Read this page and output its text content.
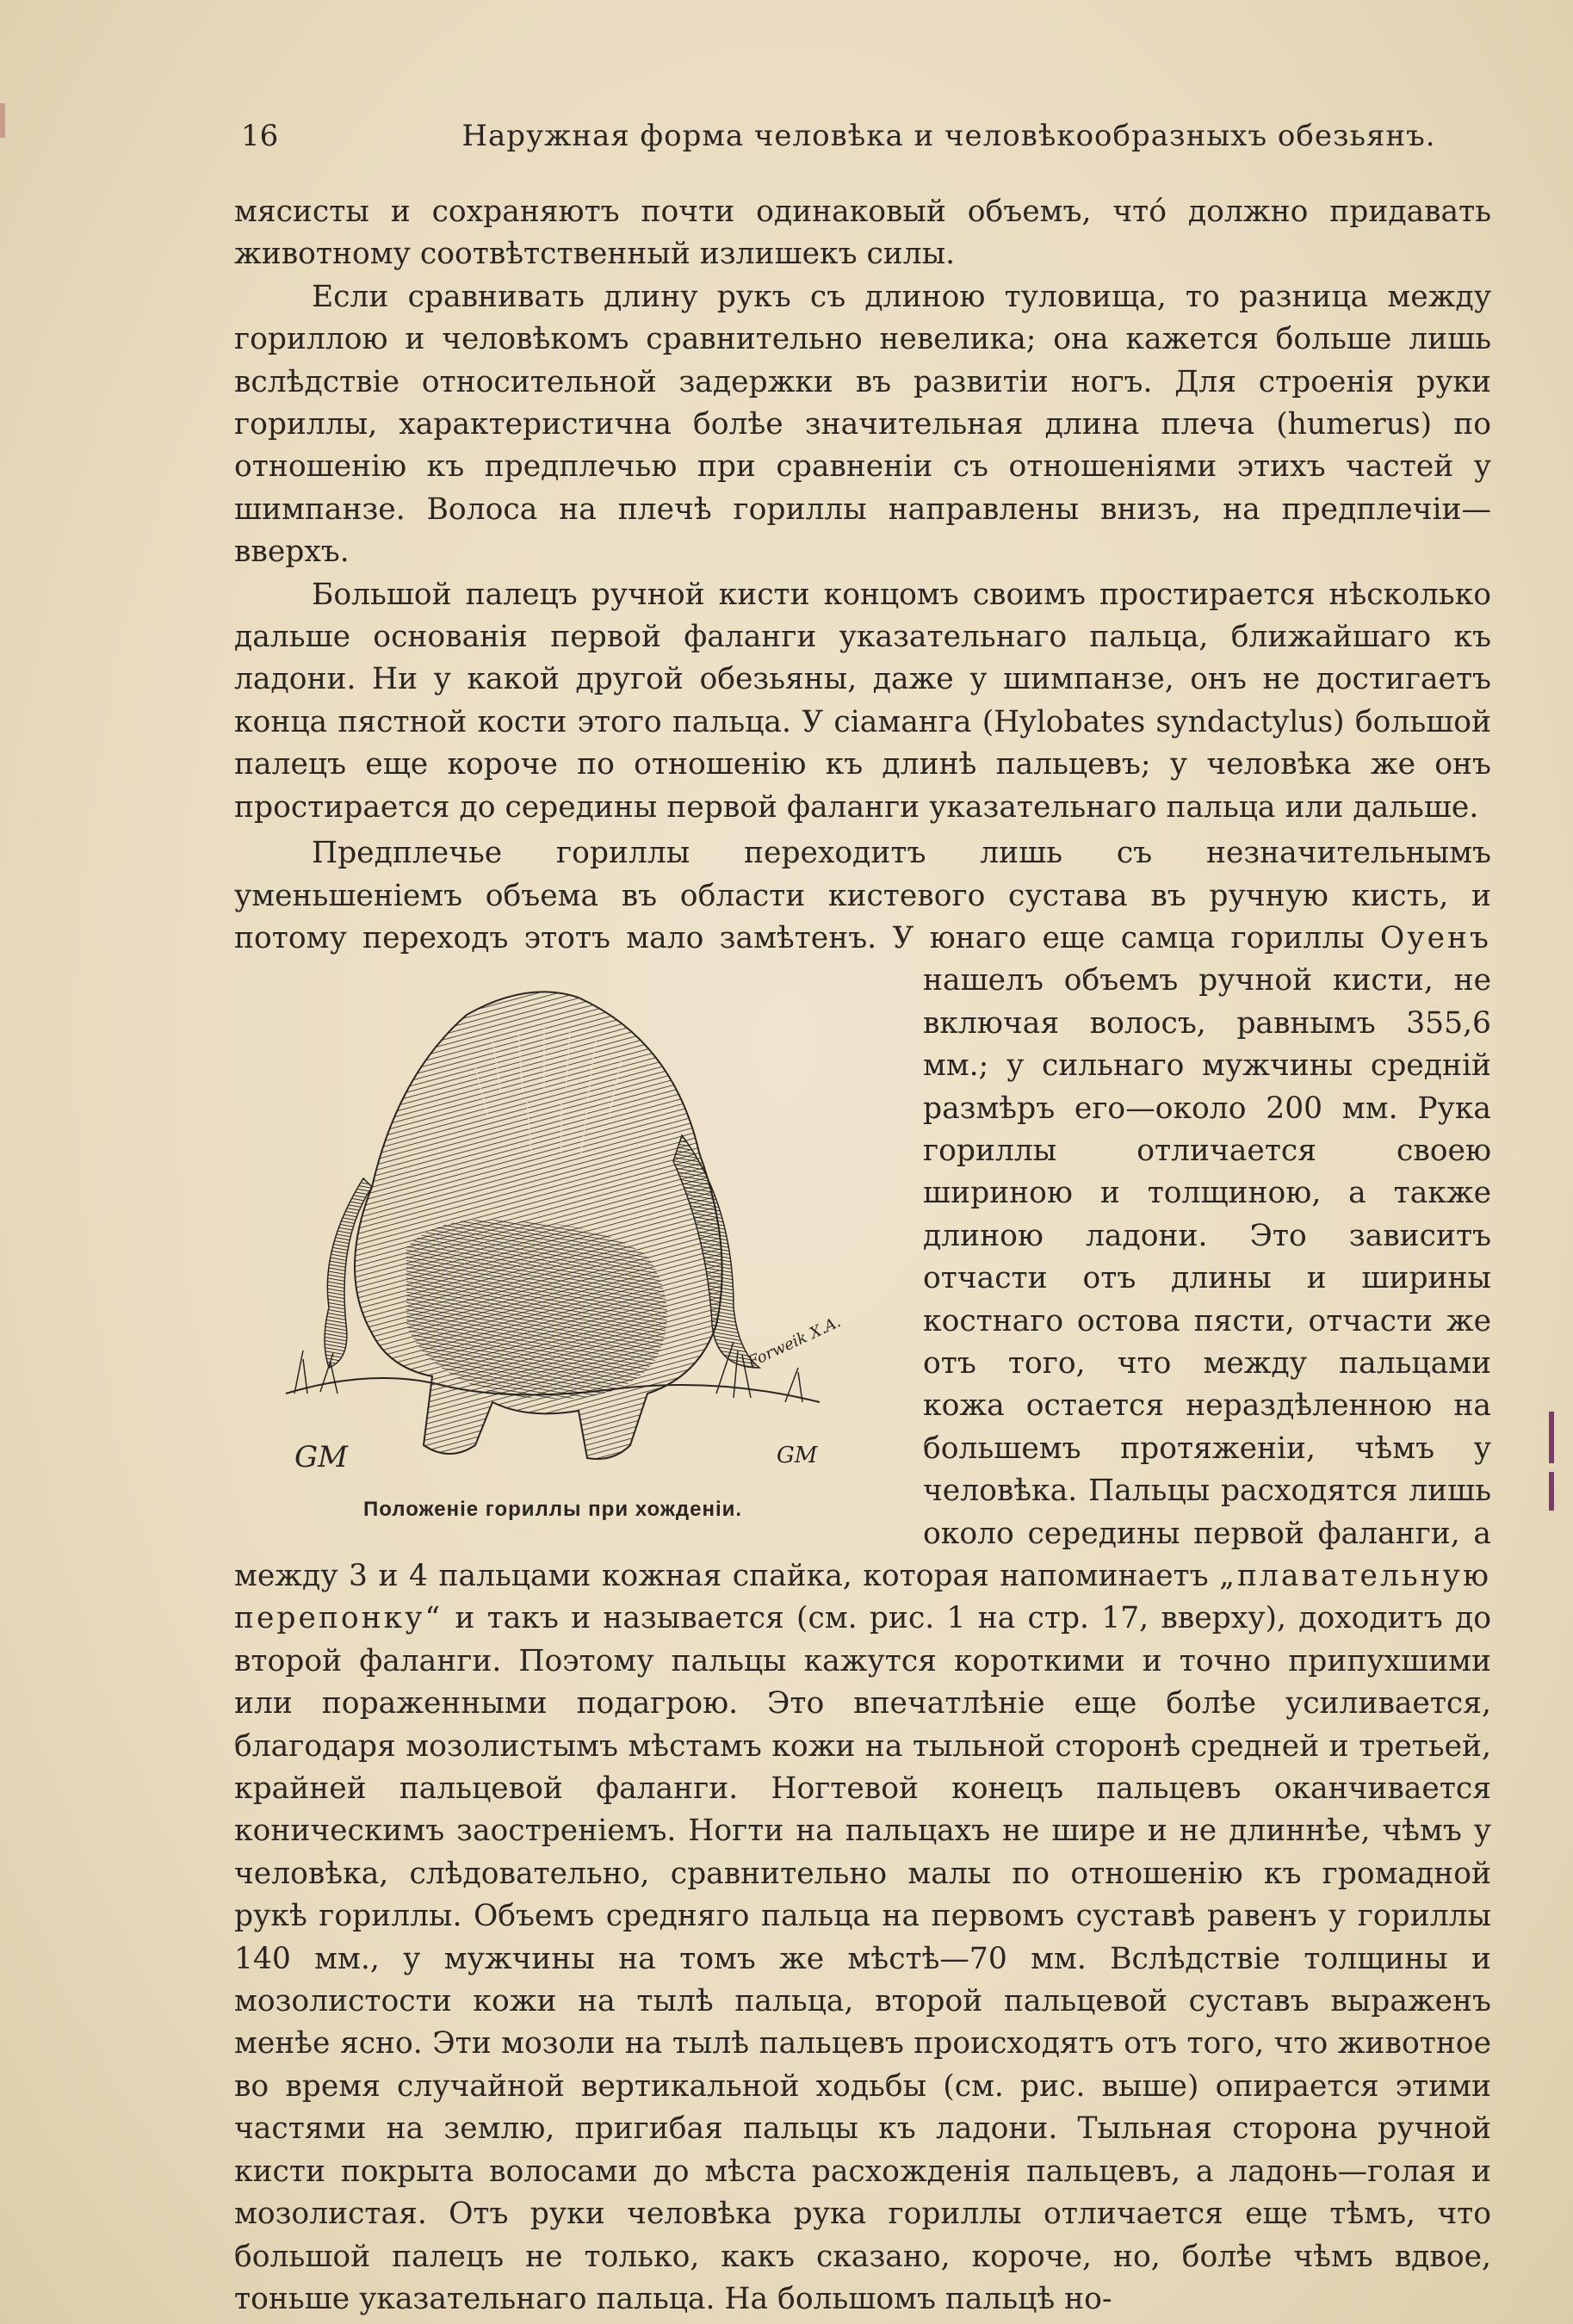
16	Наружная форма человѣка и человѣкообразныхъ обезьянъ.

мясисты и сохраняютъ почти одинаковый объемъ, что́ должно придавать животному соотвѣтственный излишекъ силы.

Если сравнивать длину рукъ съ длиною туловища, то разница между гориллою и человѣкомъ сравнительно невелика; она кажется больше лишь вслѣдствіе относительной задержки въ развитіи ногъ. Для строенія руки гориллы, характеристична болѣе значительная длина плеча (humerus) по отношенію къ предплечью при сравненіи съ отношеніями этихъ частей у шимпанзе. Волоса на плечѣ гориллы направлены внизъ, на предплечіи—вверхъ.

Большой палецъ ручной кисти концомъ своимъ простирается нѣсколько дальше основанія первой фаланги указательнаго пальца, ближайшаго къ ладони. Ни у какой другой обезьяны, даже у шимпанзе, онъ не достигаетъ конца пястной кости этого пальца. У сіаманга (Hylobates syndactylus) большой палецъ еще короче по отношенію къ длинѣ пальцевъ; у человѣка же онъ простирается до середины первой фаланги указательнаго пальца или дальше.

Предплечье гориллы переходитъ лишь съ незначительнымъ уменьшеніемъ объема въ области кистевого сустава въ ручную кисть, и потому переходъ этотъ мало замѣтенъ. У юнаго еще самца гориллы
GM
Forweik X.A.
GM
Положеніе гориллы при хожденіи.
Оуенъ нашелъ объемъ ручной кисти, не включая волосъ, равнымъ 355,6 мм.; у сильнаго мужчины средній размѣръ его—около 200 мм. Рука гориллы отличается своею шириною и толщиною, а также длиною ладони. Это зависитъ отчасти отъ длины и ширины костнаго остова пясти, отчасти же отъ того, что между пальцами кожа остается нераздѣленною на большемъ протяженіи, чѣмъ у человѣка. Пальцы расходятся лишь около середины первой фаланги, а между 3 и 4 пальцами кожная спайка, которая напоминаетъ „плавательную перепонку“ и такъ и называется (см. рис. 1 на стр. 17, вверху), доходитъ до второй фаланги. Поэтому пальцы кажутся короткими и точно припухшими или пораженными подагрою. Это впечатлѣніе еще болѣе усиливается, благодаря мозолистымъ мѣстамъ кожи на тыльной сторонѣ средней и третьей, крайней пальцевой фаланги. Ногтевой конецъ пальцевъ оканчивается коническимъ заостреніемъ. Ногти на пальцахъ не шире и не длиннѣе, чѣмъ у человѣка, слѣдовательно, сравнительно малы по отношенію къ громадной рукѣ гориллы. Объемъ средняго пальца на первомъ суставѣ равенъ у гориллы 140 мм., у мужчины на томъ же мѣстѣ—70 мм. Вслѣдствіе толщины и мозолистости кожи на тылѣ пальца, второй пальцевой суставъ выраженъ менѣе ясно. Эти мозоли на тылѣ пальцевъ происходятъ отъ того, что животное во время случайной вертикальной ходьбы (см. рис. выше) опирается этими частями на землю, пригибая пальцы къ ладони. Тыльная сторона ручной кисти покрыта волосами до мѣста расхожденія пальцевъ, а ладонь—голая и мозолистая. Отъ руки человѣка рука гориллы отличается еще тѣмъ, что большой палецъ не только, какъ сказано, короче, но, болѣе чѣмъ вдвое, тоньше указательнаго пальца. На большомъ пальцѣ но-
